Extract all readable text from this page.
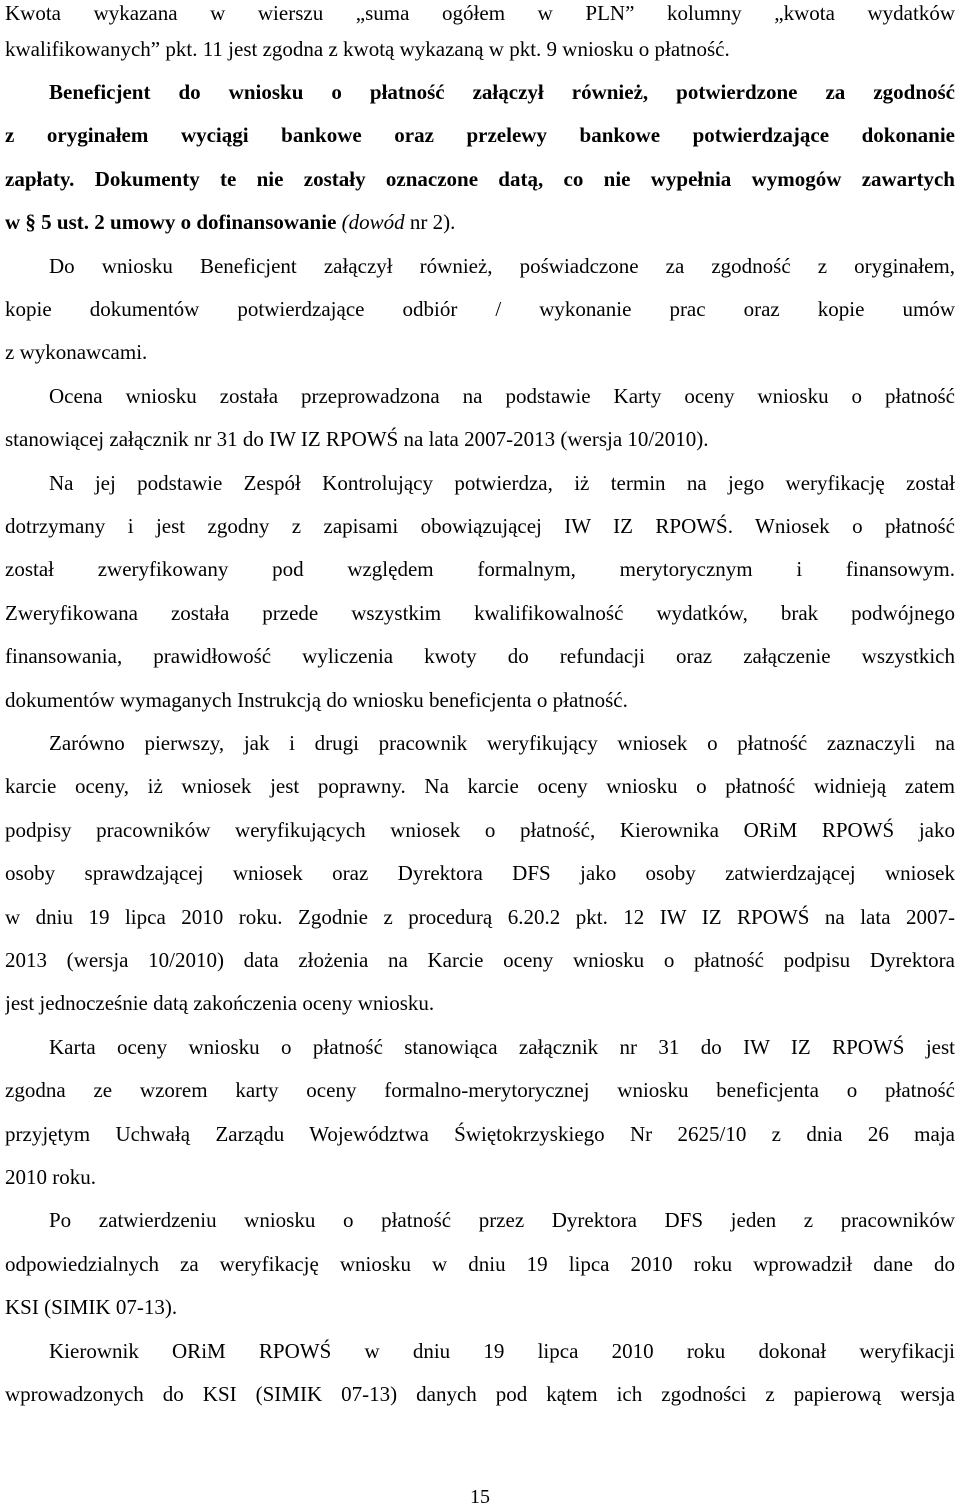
Kwota wykazana w wierszu „suma ogółem w PLN” kolumny „kwota wydatków
kwalifikowanych” pkt. 11 jest zgodna z kwotą wykazaną w pkt. 9 wniosku o płatność.
Beneficjent do wniosku o płatność załączył również, potwierdzone za zgodność
z oryginałem wyciągi bankowe oraz przelewy bankowe potwierdzające dokonanie
zapłaty. Dokumenty te nie zostały oznaczone datą, co nie wypełnia wymogów zawartych
w § 5 ust. 2 umowy o dofinansowanie (dowód nr 2).
Do wniosku Beneficjent załączył również, poświadczone za zgodność z oryginałem,
kopie dokumentów potwierdzające odbiór / wykonanie prac oraz kopie umów
z wykonawcami.
Ocena wniosku została przeprowadzona na podstawie Karty oceny wniosku o płatność
stanowiącej załącznik nr 31 do IW IZ RPOWŚ na lata 2007-2013 (wersja 10/2010).
Na jej podstawie Zespół Kontrolujący potwierdza, iż termin na jego weryfikację został
dotrzymany i jest zgodny z zapisami obowiązującej IW IZ RPOWŚ. Wniosek o płatność
został zweryfikowany pod względem formalnym, merytorycznym i finansowym.
Zweryfikowana została przede wszystkim kwalifikowalność wydatków, brak podwójnego
finansowania, prawidłowość wyliczenia kwoty do refundacji oraz załączenie wszystkich
dokumentów wymaganych Instrukcją do wniosku beneficjenta o płatność.
Zarówno pierwszy, jak i drugi pracownik weryfikujący wniosek o płatność zaznaczyli na
karcie oceny, iż wniosek jest poprawny. Na karcie oceny wniosku o płatność widnieją zatem
podpisy pracowników weryfikujących wniosek o płatność, Kierownika ORiM RPOWŚ jako
osoby sprawdzającej wniosek oraz Dyrektora DFS jako osoby zatwierdzającej wniosek
w dniu 19 lipca 2010 roku. Zgodnie z procedurą 6.20.2 pkt. 12 IW IZ RPOWŚ na lata 2007-
2013 (wersja 10/2010) data złożenia na Karcie oceny wniosku o płatność podpisu Dyrektora
jest jednocześnie datą zakończenia oceny wniosku.
Karta oceny wniosku o płatność stanowiąca załącznik nr 31 do IW IZ RPOWŚ jest
zgodna ze wzorem karty oceny formalno-merytorycznej wniosku beneficjenta o płatność
przyjętym Uchwałą Zarządu Województwa Świętokrzyskiego Nr 2625/10 z dnia 26 maja
2010 roku.
Po zatwierdzeniu wniosku o płatność przez Dyrektora DFS jeden z pracowników
odpowiedzialnych za weryfikację wniosku w dniu 19 lipca 2010 roku wprowadził dane do
KSI (SIMIK 07-13).
Kierownik ORiM RPOWŚ w dniu 19 lipca 2010 roku dokonał weryfikacji
wprowadzonych do KSI (SIMIK 07-13) danych pod kątem ich zgodności z papierową wersja
15
